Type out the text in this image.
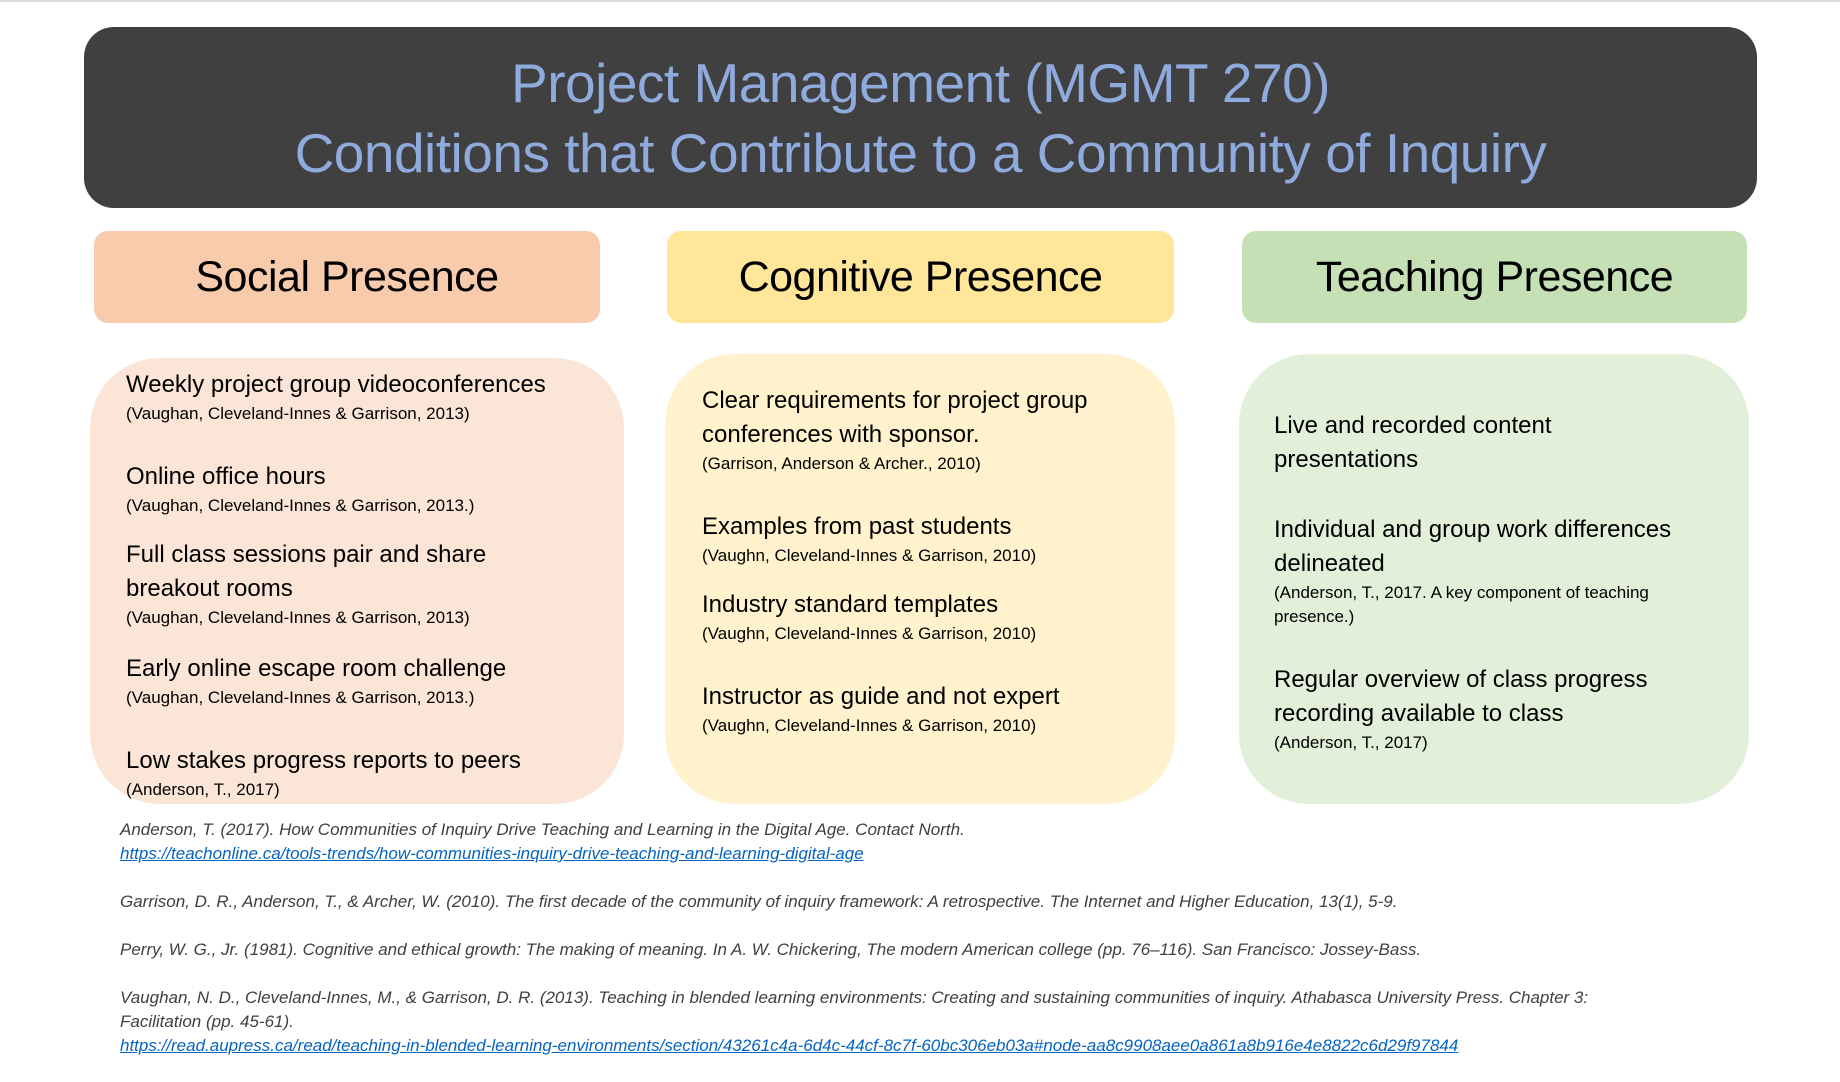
Project Management (MGMT 270)
Conditions that Contribute to a Community of Inquiry
Social Presence	Cognitive Presence	Teaching Presence
Weekly project group videoconferences
(Vaughan, Cleveland-Innes & Garrison, 2013)
Online office hours
(Vaughan, Cleveland-Innes & Garrison, 2013.)
Full class sessions pair and share breakout rooms
(Vaughan, Cleveland-Innes & Garrison, 2013)
Early online escape room challenge
(Vaughan, Cleveland-Innes & Garrison, 2013.)
Low stakes progress reports to peers
(Anderson, T., 2017)
Clear requirements for project group conferences with sponsor.
(Garrison, Anderson & Archer., 2010)
Examples from past students
(Vaughn, Cleveland-Innes & Garrison, 2010)
Industry standard templates
(Vaughn, Cleveland-Innes & Garrison, 2010)
Instructor as guide and not expert
(Vaughn, Cleveland-Innes & Garrison, 2010)
Live and recorded content presentations
Individual and group work differences delineated
(Anderson, T., 2017. A key component of teaching presence.)
Regular overview of class progress recording available to class
(Anderson, T., 2017)
Anderson, T. (2017). How Communities of Inquiry Drive Teaching and Learning in the Digital Age. Contact North.
https://teachonline.ca/tools-trends/how-communities-inquiry-drive-teaching-and-learning-digital-age
Garrison, D. R., Anderson, T., & Archer, W. (2010). The first decade of the community of inquiry framework: A retrospective. The Internet and Higher Education, 13(1), 5-9.
Perry, W. G., Jr. (1981). Cognitive and ethical growth: The making of meaning. In A. W. Chickering, The modern American college (pp. 76–116). San Francisco: Jossey-Bass.
Vaughan, N. D., Cleveland-Innes, M., & Garrison, D. R. (2013). Teaching in blended learning environments: Creating and sustaining communities of inquiry. Athabasca University Press. Chapter 3: Facilitation (pp. 45-61).
https://read.aupress.ca/read/teaching-in-blended-learning-environments/section/43261c4a-6d4c-44cf-8c7f-60bc306eb03a#node-aa8c9908aee0a861a8b916e4e8822c6d29f97844
